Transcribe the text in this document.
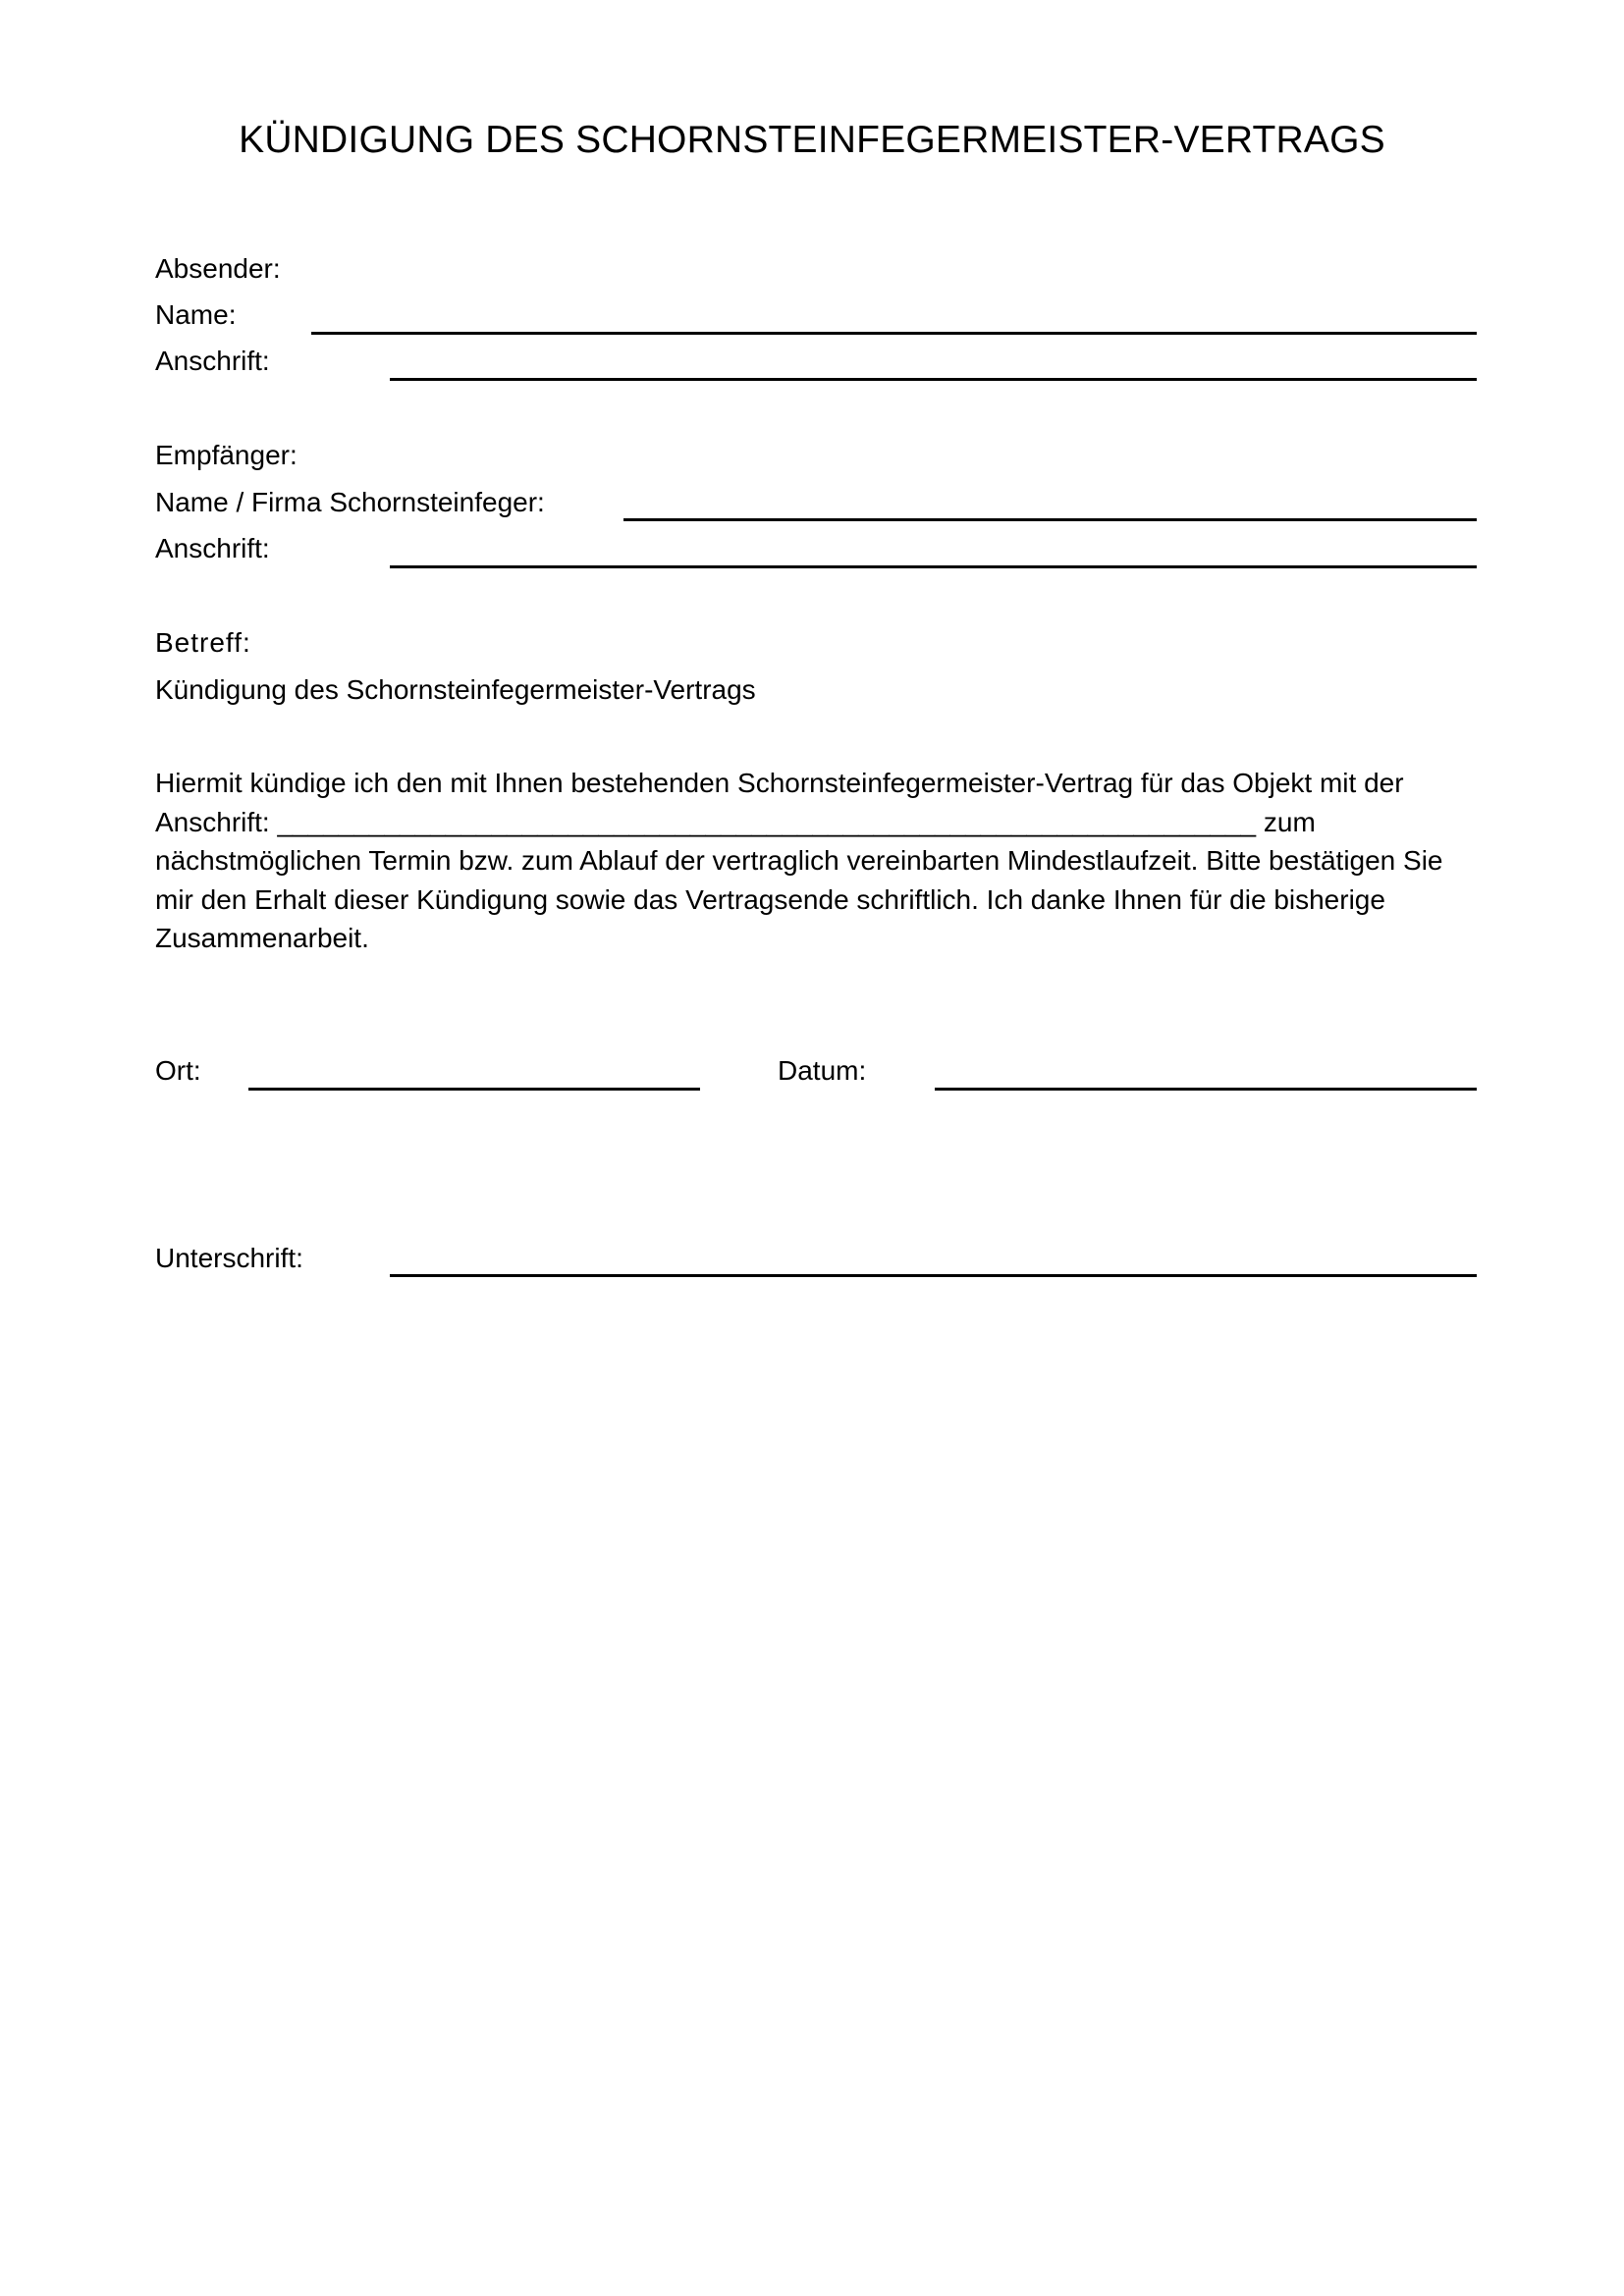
KÜNDIGUNG DES SCHORNSTEINFEGERMEISTER-VERTRAGS
Absender:
Name:
Anschrift:
Empfänger:
Name / Firma Schornsteinfeger:
Anschrift:
Betreff:
Kündigung des Schornsteinfegermeister-Vertrags
Hiermit kündige ich den mit Ihnen bestehenden Schornsteinfegermeister-Vertrag für das Objekt mit der
Anschrift: ________________________________________________________________ zum
nächstmöglichen Termin bzw. zum Ablauf der vertraglich vereinbarten Mindestlaufzeit. Bitte bestätigen Sie
mir den Erhalt dieser Kündigung sowie das Vertragsende schriftlich. Ich danke Ihnen für die bisherige
Zusammenarbeit.
Ort:	Datum:
Unterschrift:
